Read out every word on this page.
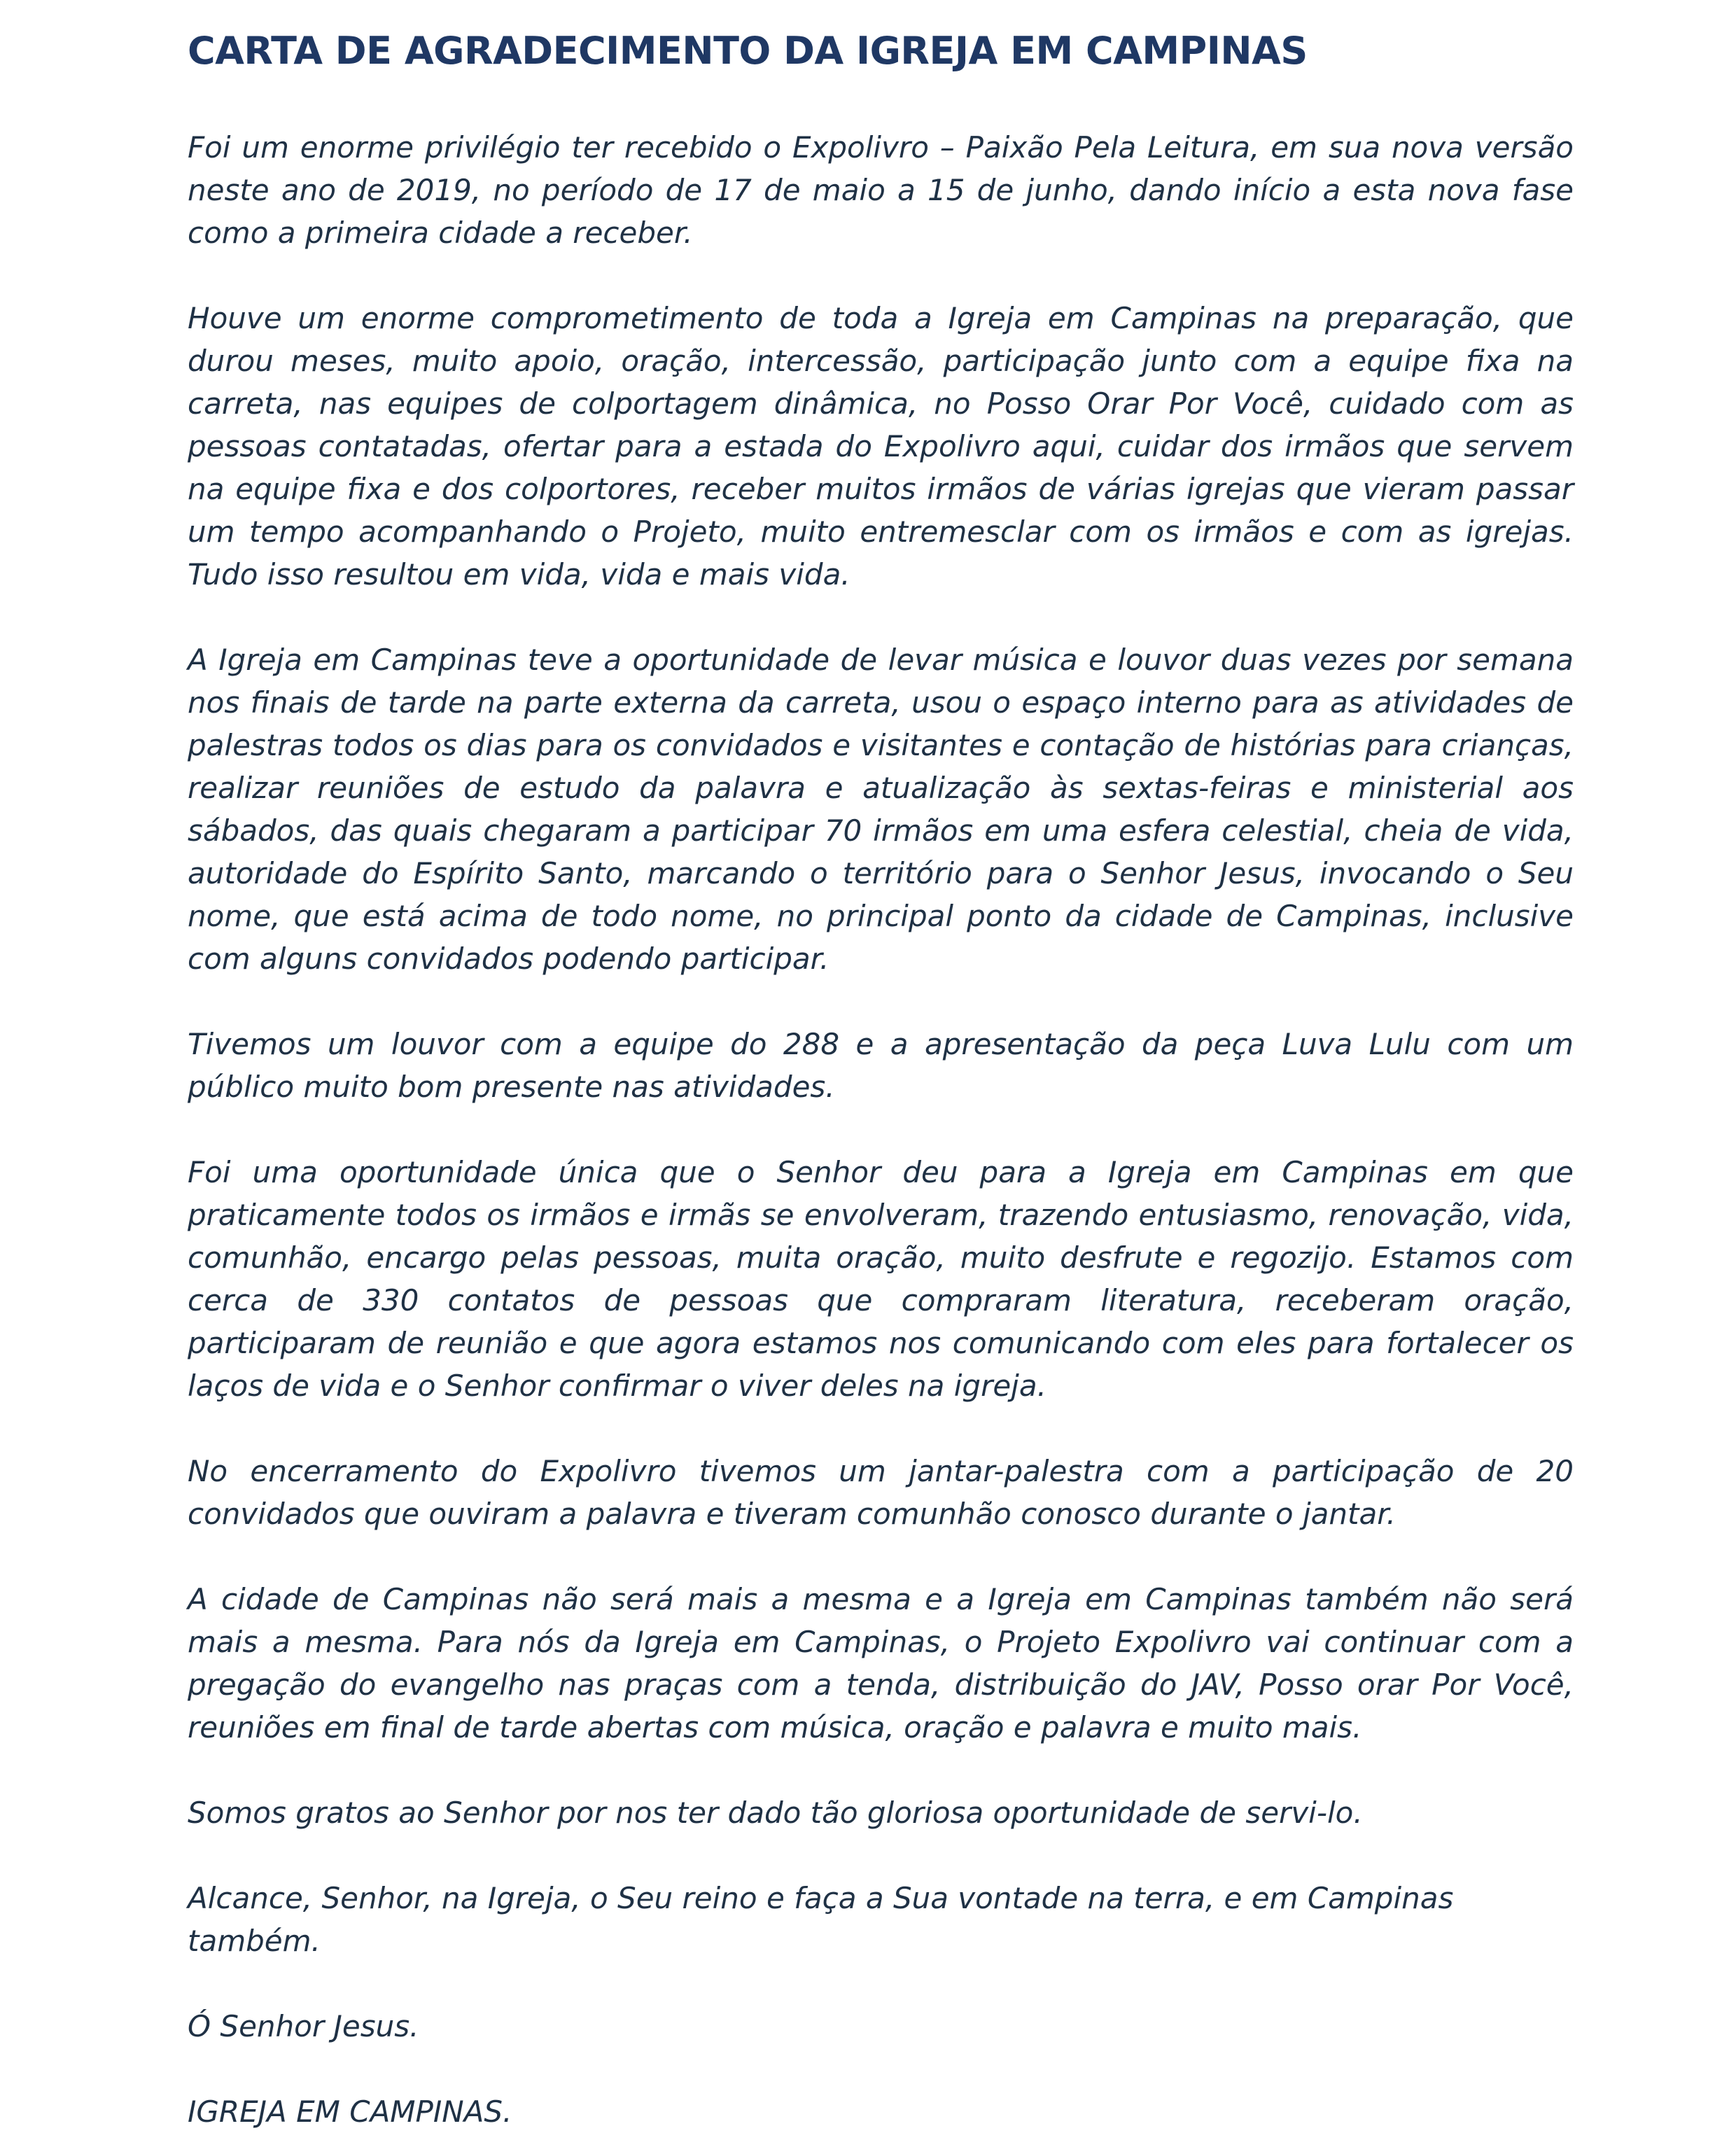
CARTA DE AGRADECIMENTO DA IGREJA EM CAMPINAS

Foi um enorme privilégio ter recebido o Expolivro – Paixão Pela Leitura, em sua nova versão neste ano de 2019, no período de 17 de maio a 15 de junho, dando início a esta nova fase como a primeira cidade a receber.

Houve um enorme comprometimento de toda a Igreja em Campinas na preparação, que durou meses, muito apoio, oração, intercessão, participação junto com a equipe fixa na carreta, nas equipes de colportagem dinâmica, no Posso Orar Por Você, cuidado com as pessoas contatadas, ofertar para a estada do Expolivro aqui, cuidar dos irmãos que servem na equipe fixa e dos colportores, receber muitos irmãos de várias igrejas que vieram passar um tempo acompanhando o Projeto, muito entremesclar com os irmãos e com as igrejas. Tudo isso resultou em vida, vida e mais vida.

A Igreja em Campinas teve a oportunidade de levar música e louvor duas vezes por semana nos finais de tarde na parte externa da carreta, usou o espaço interno para as atividades de palestras todos os dias para os convidados e visitantes e contação de histórias para crianças, realizar reuniões de estudo da palavra e atualização às sextas-feiras e ministerial aos sábados, das quais chegaram a participar 70 irmãos em uma esfera celestial, cheia de vida, autoridade do Espírito Santo, marcando o território para o Senhor Jesus, invocando o Seu nome, que está acima de todo nome, no principal ponto da cidade de Campinas, inclusive com alguns convidados podendo participar.

Tivemos um louvor com a equipe do 288 e a apresentação da peça Luva Lulu com um público muito bom presente nas atividades.

Foi uma oportunidade única que o Senhor deu para a Igreja em Campinas em que praticamente todos os irmãos e irmãs se envolveram, trazendo entusiasmo, renovação, vida, comunhão, encargo pelas pessoas, muita oração, muito desfrute e regozijo. Estamos com cerca de 330 contatos de pessoas que compraram literatura, receberam oração, participaram de reunião e que agora estamos nos comunicando com eles para fortalecer os laços de vida e o Senhor confirmar o viver deles na igreja.

No encerramento do Expolivro tivemos um jantar-palestra com a participação de 20 convidados que ouviram a palavra e tiveram comunhão conosco durante o jantar.

A cidade de Campinas não será mais a mesma e a Igreja em Campinas também não será mais a mesma. Para nós da Igreja em Campinas, o Projeto Expolivro vai continuar com a pregação do evangelho nas praças com a tenda, distribuição do JAV, Posso orar Por Você, reuniões em final de tarde abertas com música, oração e palavra e muito mais.

Somos gratos ao Senhor por nos ter dado tão gloriosa oportunidade de servi-lo.

Alcance, Senhor, na Igreja, o Seu reino e faça a Sua vontade na terra, e em Campinas também.

Ó Senhor Jesus.

IGREJA EM CAMPINAS.
